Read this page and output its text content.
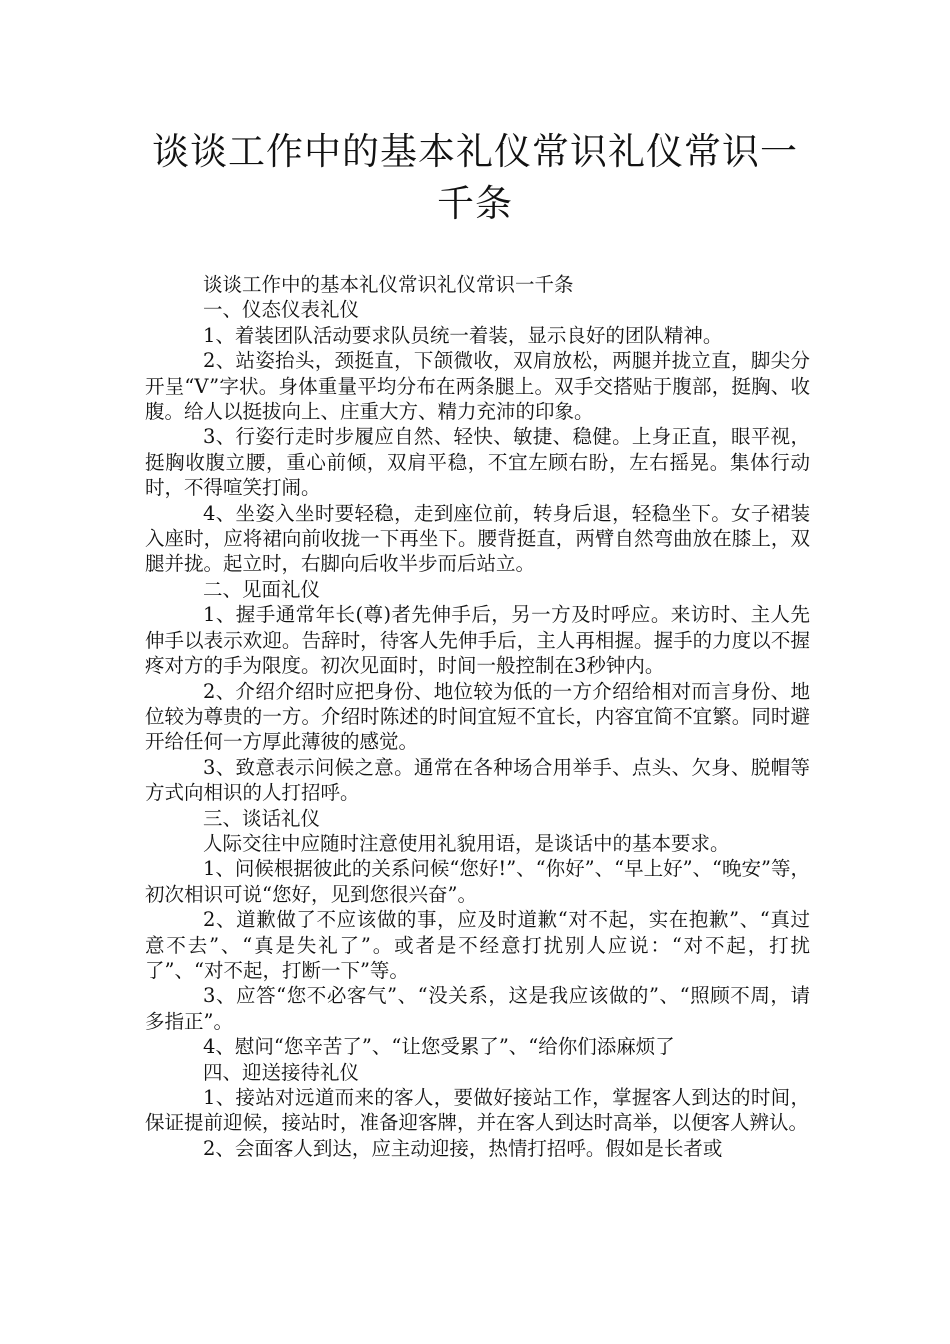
谈谈工作中的基本礼仪常识礼仪常识一千条

谈谈工作中的基本礼仪常识礼仪常识一千条

一、仪态仪表礼仪

1、着装团队活动要求队员统一着装，显示良好的团队精神。

2、站姿抬头，颈挺直，下颌微收，双肩放松，两腿并拢立直，脚尖分开呈“V”字状。身体重量平均分布在两条腿上。双手交搭贴于腹部，挺胸、收腹。给人以挺拔向上、庄重大方、精力充沛的印象。

3、行姿行走时步履应自然、轻快、敏捷、稳健。上身正直，眼平视，挺胸收腹立腰，重心前倾，双肩平稳，不宜左顾右盼，左右摇晃。集体行动时，不得喧笑打闹。

4、坐姿入坐时要轻稳，走到座位前，转身后退，轻稳坐下。女子裙装入座时，应将裙向前收拢一下再坐下。腰背挺直，两臂自然弯曲放在膝上，双腿并拢。起立时，右脚向后收半步而后站立。

二、见面礼仪

1、握手通常年长(尊)者先伸手后，另一方及时呼应。来访时、主人先伸手以表示欢迎。告辞时，待客人先伸手后，主人再相握。握手的力度以不握疼对方的手为限度。初次见面时，时间一般控制在3秒钟内。

2、介绍介绍时应把身份、地位较为低的一方介绍给相对而言身份、地位较为尊贵的一方。介绍时陈述的时间宜短不宜长，内容宜简不宜繁。同时避开给任何一方厚此薄彼的感觉。

3、致意表示问候之意。通常在各种场合用举手、点头、欠身、脱帽等方式向相识的人打招呼。

三、谈话礼仪

人际交往中应随时注意使用礼貌用语，是谈话中的基本要求。

1、问候根据彼此的关系问候“您好!”、“你好”、“早上好”、“晚安”等，初次相识可说“您好，见到您很兴奋”。

2、道歉做了不应该做的事，应及时道歉“对不起，实在抱歉”、“真过意不去”、“真是失礼了”。或者是不经意打扰别人应说：“对不起，打扰了”、“对不起，打断一下”等。

3、应答“您不必客气”、“没关系，这是我应该做的”、“照顾不周，请多指正”。

4、慰问“您辛苦了”、“让您受累了”、“给你们添麻烦了

四、迎送接待礼仪

1、接站对远道而来的客人，要做好接站工作，掌握客人到达的时间，保证提前迎候，接站时，准备迎客牌，并在客人到达时高举，以便客人辨认。

2、会面客人到达，应主动迎接，热情打招呼。假如是长者或
